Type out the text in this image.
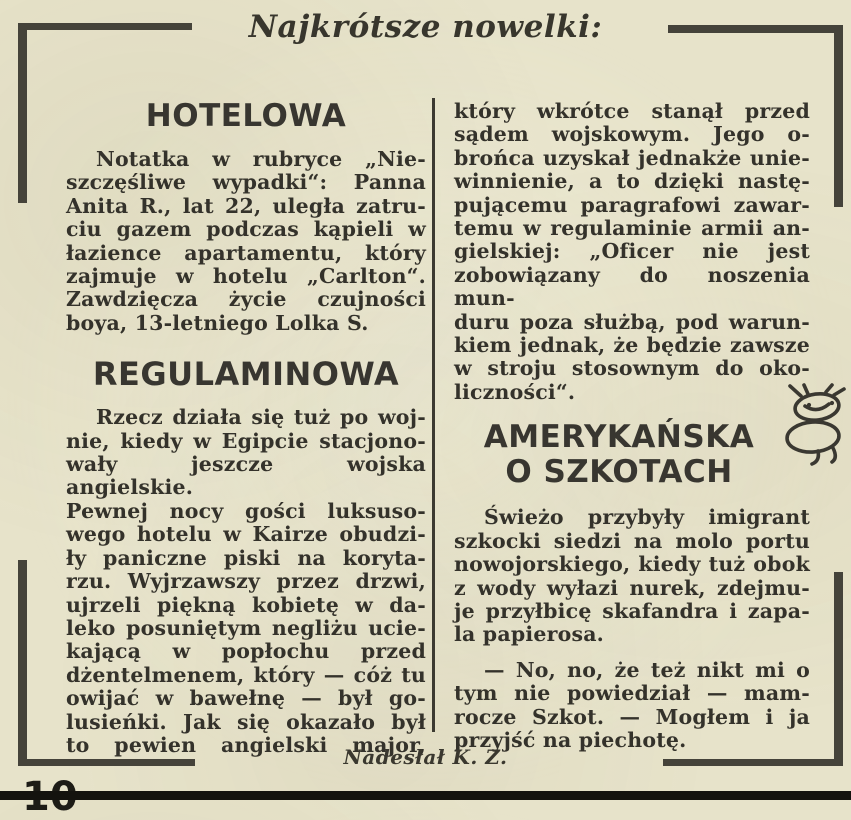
Najkrótsze nowelki:
HOTELOWA
Notatka w rubryce „Nie-
szczęśliwe wypadki“: Panna
Anita R., lat 22, uległa zatru-
ciu gazem podczas kąpieli w
łazience apartamentu, który
zajmuje w hotelu „Carlton“.
Zawdzięcza życie czujności
boya, 13-letniego Lolka S.
REGULAMINOWA
Rzecz działa się tuż po woj-
nie, kiedy w Egipcie stacjono-
wały jeszcze wojska angielskie.
Pewnej nocy gości luksuso-
wego hotelu w Kairze obudzi-
ły paniczne piski na koryta-
rzu. Wyjrzawszy przez drzwi,
ujrzeli piękną kobietę w da-
leko posuniętym negliżu ucie-
kającą w popłochu przed
dżentelmenem, który — cóż tu
owijać w bawełnę — był go-
lusieńki. Jak się okazało był
to pewien angielski major,
który wkrótce stanął przed
sądem wojskowym. Jego o-
brońca uzyskał jednakże unie-
winnienie, a to dzięki nastę-
pującemu paragrafowi zawar-
temu w regulaminie armii an-
gielskiej: „Oficer nie jest
zobowiązany do noszenia mun-
duru poza służbą, pod warun-
kiem jednak, że będzie zawsze
w stroju stosownym do oko-
liczności“.
AMERYKAŃSKA
O SZKOTACH
Świeżo przybyły imigrant
szkocki siedzi na molo portu
nowojorskiego, kiedy tuż obok
z wody wyłazi nurek, zdejmu-
je przyłbicę skafandra i zapa-
la papierosa.
— No, no, że też nikt mi o
tym nie powiedział — mam-
rocze Szkot. — Mogłem i ja
przyjść na piechotę.
Nadesłał K. Z.
